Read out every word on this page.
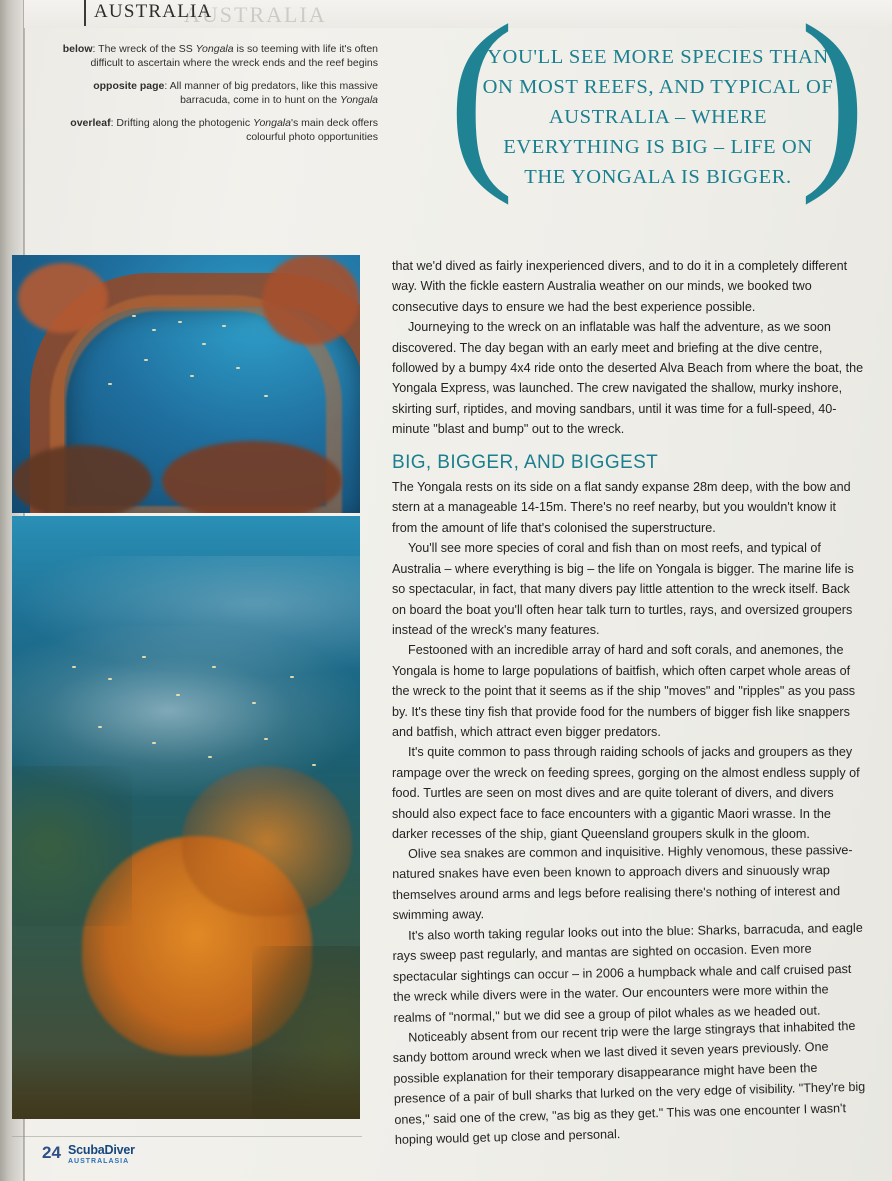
AUSTRALIA
AUSTRALIA
below: The wreck of the SS Yongala is so teeming with life it's often difficult to ascertain where the wreck ends and the reef begins
opposite page: All manner of big predators, like this massive barracuda, come in to hunt on the Yongala
overleaf: Drifting along the photogenic Yongala's main deck offers colourful photo opportunities ( )
YOU'LL SEE MORE SPECIES THAN ON MOST REEFS, AND TYPICAL OF AUSTRALIA – WHERE EVERYTHING IS BIG – LIFE ON THE YONGALA IS BIGGER.

that we'd dived as fairly inexperienced divers, and to do it in a completely different way. With the fickle eastern Australia weather on our minds, we booked two consecutive days to ensure we had the best experience possible.

Journeying to the wreck on an inflatable was half the adventure, as we soon discovered. The day began with an early meet and briefing at the dive centre, followed by a bumpy 4x4 ride onto the deserted Alva Beach from where the boat, the Yongala Express, was launched. The crew navigated the shallow, murky inshore, skirting surf, riptides, and moving sandbars, until it was time for a full-speed, 40-minute "blast and bump" out to the wreck.

BIG, BIGGER, AND BIGGEST

The Yongala rests on its side on a flat sandy expanse 28m deep, with the bow and stern at a manageable 14-15m. There's no reef nearby, but you wouldn't know it from the amount of life that's colonised the superstructure.

You'll see more species of coral and fish than on most reefs, and typical of Australia – where everything is big – the life on Yongala is bigger. The marine life is so spectacular, in fact, that many divers pay little attention to the wreck itself. Back on board the boat you'll often hear talk turn to turtles, rays, and oversized groupers instead of the wreck's many features.

Festooned with an incredible array of hard and soft corals, and anemones, the Yongala is home to large populations of baitfish, which often carpet whole areas of the wreck to the point that it seems as if the ship "moves" and "ripples" as you pass by. It's these tiny fish that provide food for the numbers of bigger fish like snappers and batfish, which attract even bigger predators.

It's quite common to pass through raiding schools of jacks and groupers as they rampage over the wreck on feeding sprees, gorging on the almost endless supply of food. Turtles are seen on most dives and are quite tolerant of divers, and divers should also expect face to face encounters with a gigantic Maori wrasse. In the darker recesses of the ship, giant Queensland groupers skulk in the gloom.

Olive sea snakes are common and inquisitive. Highly venomous, these passive-natured snakes have even been known to approach divers and sinuously wrap themselves around arms and legs before realising there's nothing of interest and swimming away.

It's also worth taking regular looks out into the blue: Sharks, barracuda, and eagle rays sweep past regularly, and mantas are sighted on occasion. Even more spectacular sightings can occur – in 2006 a humpback whale and calf cruised past the wreck while divers were in the water. Our encounters were more within the realms of "normal," but we did see a group of pilot whales as we headed out.

Noticeably absent from our recent trip were the large stingrays that inhabited the sandy bottom around wreck when we last dived it seven years previously. One possible explanation for their temporary disappearance might have been the presence of a pair of bull sharks that lurked on the very edge of visibility. "They're big ones," said one of the crew, "as big as they get." This was one encounter I wasn't hoping would get up close and personal.

24 ScubaDiver
AUSTRALASIA
